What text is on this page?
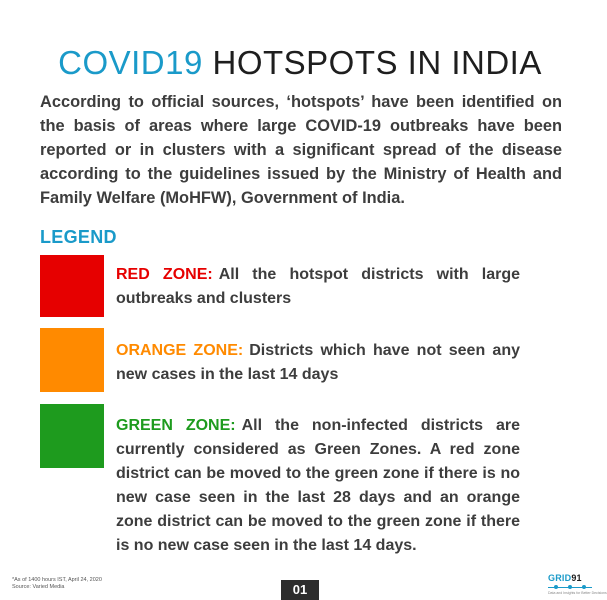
COVID19 HOTSPOTS IN INDIA
According to official sources, ‘hotspots’ have been identified on the basis of areas where large COVID-19 outbreaks have been reported or in clusters with a significant spread of the disease according to the guidelines issued by the Ministry of Health and Family Welfare (MoHFW), Government of India.
LEGEND
RED ZONE: All the hotspot districts with large outbreaks and clusters
ORANGE ZONE: Districts which have not seen any new cases in the last 14 days
GREEN ZONE: All the non-infected districts are currently considered as Green Zones. A red zone district can be moved to the green zone if there is no new case seen in the last 28 days and an orange zone district can be moved to the green zone if there is no new case seen in the last 14 days.
*As of 1400 hours IST, April 24, 2020
Source: Varied Media	01
GRID91
Data and Insights for Better Decisions
